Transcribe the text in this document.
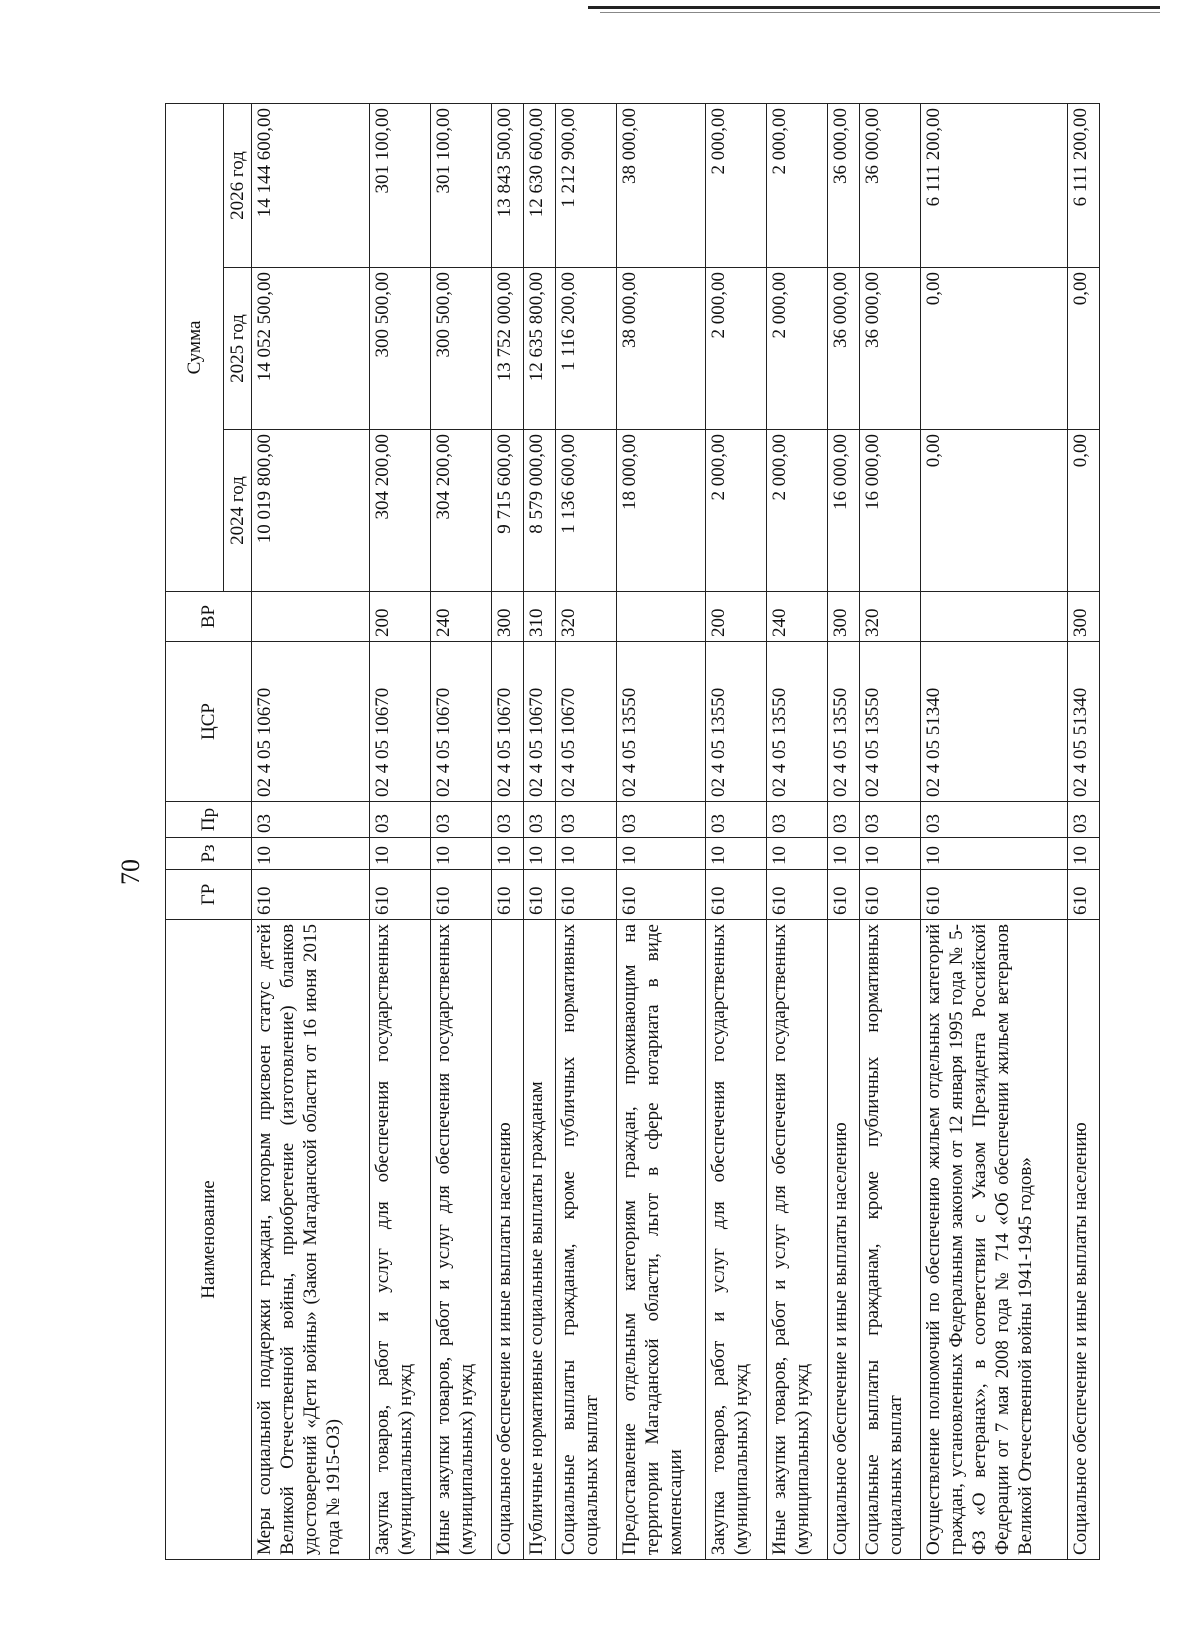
70
Наименование	ГР	Рз	Пр	ЦСР	ВР	Сумма		
						2024 год	2025 год	2026 год
Меры социальной поддержки граждан, которым присвоен статус детей Великой Отечественной войны, приобретение (изготовление) бланков удостоверений «Дети войны» (Закон Магаданской области от 16 июня 2015 года № 1915-ОЗ)	610	10	03	02 4 05 10670		10 019 800,00	14 052 500,00	14 144 600,00
Закупка товаров, работ и услуг для обеспечения государственных (муниципальных) нужд	610	10	03	02 4 05 10670	200	304 200,00	300 500,00	301 100,00
Иные закупки товаров, работ и услуг для обеспечения государственных (муниципальных) нужд	610	10	03	02 4 05 10670	240	304 200,00	300 500,00	301 100,00
Социальное обеспечение и иные выплаты населению	610	10	03	02 4 05 10670	300	9 715 600,00	13 752 000,00	13 843 500,00
Публичные нормативные социальные выплаты гражданам	610	10	03	02 4 05 10670	310	8 579 000,00	12 635 800,00	12 630 600,00
Социальные выплаты гражданам, кроме публичных нормативных социальных выплат	610	10	03	02 4 05 10670	320	1 136 600,00	1 116 200,00	1 212 900,00
Предоставление отдельным категориям граждан, проживающим на территории Магаданской области, льгот в сфере нотариата в виде компенсации	610	10	03	02 4 05 13550		18 000,00	38 000,00	38 000,00
Закупка товаров, работ и услуг для обеспечения государственных (муниципальных) нужд	610	10	03	02 4 05 13550	200	2 000,00	2 000,00	2 000,00
Иные закупки товаров, работ и услуг для обеспечения государственных (муниципальных) нужд	610	10	03	02 4 05 13550	240	2 000,00	2 000,00	2 000,00
Социальное обеспечение и иные выплаты населению	610	10	03	02 4 05 13550	300	16 000,00	36 000,00	36 000,00
Социальные выплаты гражданам, кроме публичных нормативных социальных выплат	610	10	03	02 4 05 13550	320	16 000,00	36 000,00	36 000,00
Осуществление полномочий по обеспечению жильем отдельных категорий граждан, установленных Федеральным законом от 12 января 1995 года № 5-ФЗ «О ветеранах», в соответствии с Указом Президента Российской Федерации от 7 мая 2008 года № 714 «Об обеспечении жильем ветеранов Великой Отечественной войны 1941-1945 годов»	610	10	03	02 4 05 51340		0,00	0,00	6 111 200,00
Социальное обеспечение и иные выплаты населению	610	10	03	02 4 05 51340	300	0,00	0,00	6 111 200,00
